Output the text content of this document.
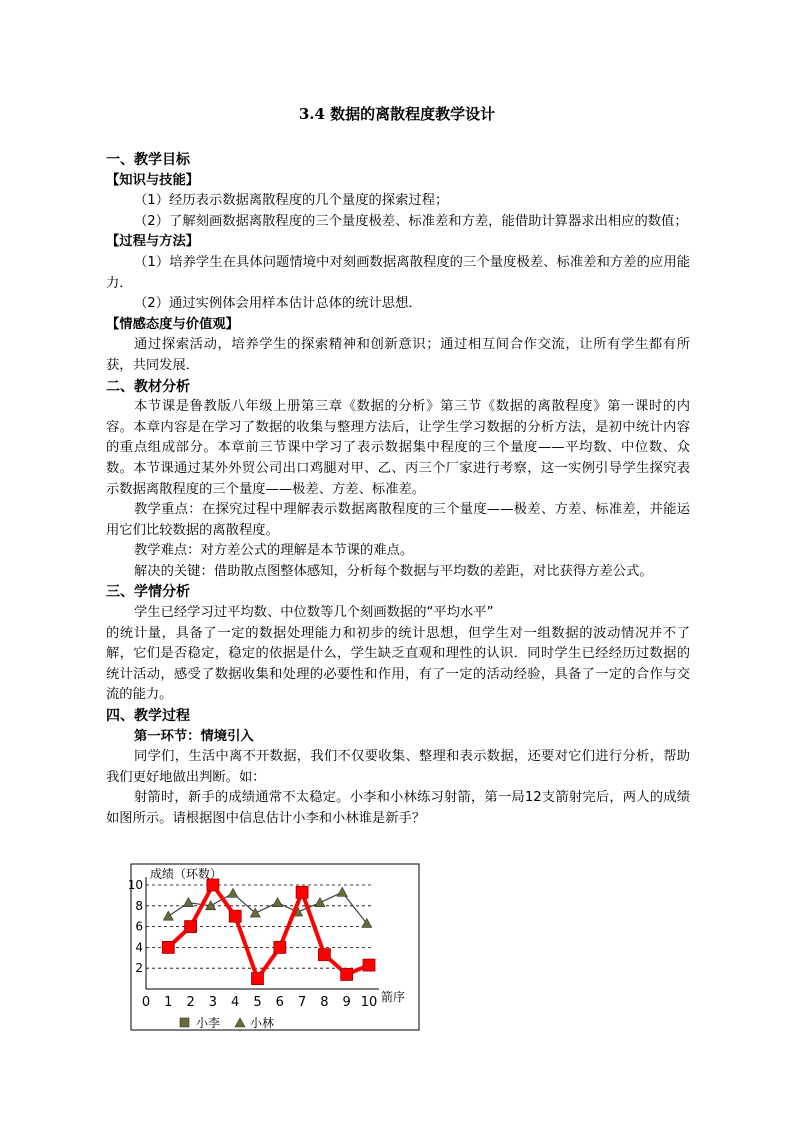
3.4 数据的离散程度教学设计

一、教学目标

【知识与技能】

（1）经历表示数据离散程度的几个量度的探索过程；

（2）了解刻画数据离散程度的三个量度极差、标准差和方差，能借助计算器求出相应的数值；

【过程与方法】

（1）培养学生在具体问题情境中对刻画数据离散程度的三个量度极差、标准差和方差的应用能力．

（2）通过实例体会用样本估计总体的统计思想．

【情感态度与价值观】

通过探索活动，培养学生的探索精神和创新意识；通过相互间合作交流，让所有学生都有所获，共同发展．

二、教材分析

本节课是鲁教版八年级上册第三章《数据的分析》第三节《数据的离散程度》第一课时的内容。本章内容是在学习了数据的收集与整理方法后，让学生学习数据的分析方法，是初中统计内容的重点组成部分。本章前三节课中学习了表示数据集中程度的三个量度——平均数、中位数、众数。本节课通过某外外贸公司出口鸡腿对甲、乙、丙三个厂家进行考察，这一实例引导学生探究表示数据离散程度的三个量度——极差、方差、标准差。

教学重点：在探究过程中理解表示数据离散程度的三个量度——极差、方差、标准差，并能运用它们比较数据的离散程度。

教学难点：对方差公式的理解是本节课的难点。

解决的关键：借助散点图整体感知，分析每个数据与平均数的差距，对比获得方差公式。

三、学情分析

学生已经学习过平均数、中位数等几个刻画数据的“平均水平”

的统计量，具备了一定的数据处理能力和初步的统计思想，但学生对一组数据的波动情况并不了解，它们是否稳定，稳定的依据是什么，学生缺乏直观和理性的认识．同时学生已经经历过数据的统计活动，感受了数据收集和处理的必要性和作用，有了一定的活动经验，具备了一定的合作与交流的能力。

四、教学过程

第一环节：情境引入

同学们，生活中离不开数据，我们不仅要收集、整理和表示数据，还要对它们进行分析，帮助我们更好地做出判断。如：

射箭时，新手的成绩通常不太稳定。小李和小林练习射箭，第一局12支箭射完后，两人的成绩如图所示。请根据图中信息估计小李和小林谁是新手？

0 1 2 3 4 5 6 7 8 9 10
2
4
6
8
10
成绩（环数）
箭序
小李 小林
